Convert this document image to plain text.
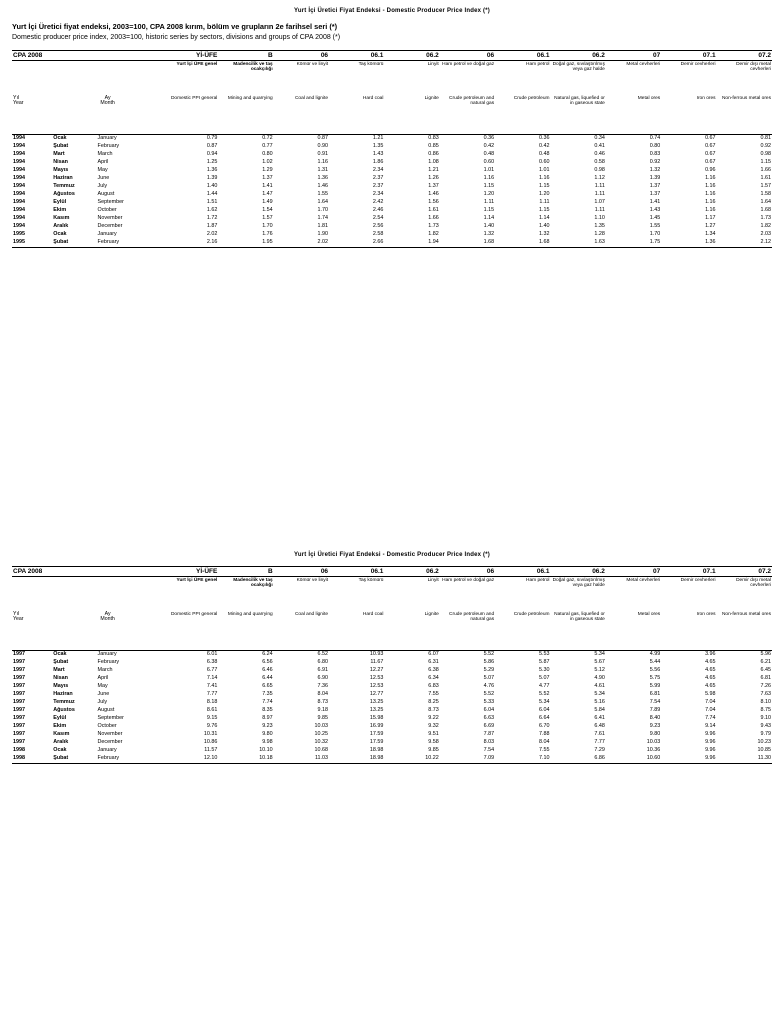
Yurt İçi Üretici Fiyat Endeksi - Domestic Producer Price Index (*)
Yurt İçi Üretici fiyat endeksi, 2003=100, CPA 2008 kırım, bölüm ve grupların 2e farihsel seri (*)
Domestic producer price index, 2003=100, historic series by sectors, divisions and groups of CPA 2008 (*)
CPA 2008			Yİ-ÜFE	B	06	06.1	06.2	06	06.1	06.2	07	07.1	07.2
			Yurt İçi ÜFE genel	Madencilik ve taş ocakçılığı	Kömür ve linyit	Taş kömürü	Linyit	Ham petrol ve doğal gaz	Ham petrol	Doğal gaz, sıvılaştırılmış veya gaz halde	Metal cevherleri	Demir cevherleri	Demir dışı metal cevherleri
Yıl
Year	Ay
Month		Domestic PPI general	Mining and quarrying	Coal and lignite	Hard coal	Lignite	Crude petroleum and natural gas	Crude petroleum	Natural gas, liquefied or in gaseous state	Metal ores	Iron ores	Non-ferrous metal ores

1994	Ocak	January	0.79	0.72	0.87	1.21	0.83	0.36	0.36	0.34	0.74	0.67	0.81
1994	Şubat	February	0.87	0.77	0.90	1.35	0.85	0.42	0.42	0.41	0.80	0.67	0.92
1994	Mart	March	0.94	0.80	0.91	1.43	0.86	0.48	0.48	0.46	0.83	0.67	0.98
1994	Nisan	April	1.25	1.02	1.16	1.86	1.08	0.60	0.60	0.58	0.92	0.67	1.15
1994	Mayıs	May	1.36	1.29	1.31	2.34	1.21	1.01	1.01	0.98	1.32	0.96	1.66
1994	Haziran	June	1.39	1.37	1.36	2.37	1.26	1.16	1.16	1.12	1.39	1.16	1.61
1994	Temmuz	July	1.40	1.41	1.46	2.37	1.37	1.15	1.15	1.11	1.37	1.16	1.57
1994	Ağustos	August	1.44	1.47	1.55	2.34	1.46	1.20	1.20	1.11	1.37	1.16	1.58
1994	Eylül	September	1.51	1.49	1.64	2.42	1.56	1.11	1.11	1.07	1.41	1.16	1.64
1994	Ekim	October	1.62	1.54	1.70	2.46	1.61	1.15	1.15	1.11	1.43	1.16	1.68
1994	Kasım	November	1.72	1.57	1.74	2.54	1.66	1.14	1.14	1.10	1.45	1.17	1.73
1994	Aralık	December	1.87	1.70	1.81	2.56	1.73	1.40	1.40	1.35	1.55	1.27	1.82
1995	Ocak	January	2.02	1.76	1.90	2.58	1.82	1.32	1.32	1.28	1.70	1.34	2.03
1995	Şubat	February	2.16	1.95	2.02	2.66	1.94	1.68	1.68	1.63	1.75	1.36	2.12
Yurt İçi Üretici Fiyat Endeksi - Domestic Producer Price Index (*)
CPA 2008			Yİ-ÜFE	B	06	06.1	06.2	06	06.1	06.2	07	07.1	07.2
			Yurt İçi ÜFE genel	Madencilik ve taş ocakçılığı	Kömür ve linyit	Taş kömürü	Linyit	Ham petrol ve doğal gaz	Ham petrol	Doğal gaz, sıvılaştırılmış veya gaz halde	Metal cevherleri	Demir cevherleri	Demir dışı metal cevherleri
Yıl
Year	Ay
Month		Domestic PPI general	Mining and quarrying	Coal and lignite	Hard coal	Lignite	Crude petroleum and natural gas	Crude petroleum	Natural gas, liquefied or in gaseous state	Metal ores	Iron ores	Non-ferrous metal ores

1997	Ocak	January	6.01	6.24	6.52	10.93	6.07	5.52	5.53	5.34	4.99	3.96	5.96
1997	Şubat	February	6.38	6.56	6.80	11.67	6.31	5.86	5.87	5.67	5.44	4.65	6.21
1997	Mart	March	6.77	6.46	6.91	12.27	6.38	5.29	5.30	5.12	5.56	4.65	6.45
1997	Nisan	April	7.14	6.44	6.90	12.53	6.34	5.07	5.07	4.90	5.75	4.65	6.81
1997	Mayıs	May	7.41	6.65	7.36	12.53	6.83	4.76	4.77	4.61	5.99	4.65	7.26
1997	Haziran	June	7.77	7.35	8.04	12.77	7.55	5.52	5.52	5.34	6.81	5.98	7.63
1997	Temmuz	July	8.18	7.74	8.73	13.25	8.25	5.33	5.34	5.16	7.54	7.04	8.10
1997	Ağustos	August	8.61	8.35	9.18	13.25	8.73	6.04	6.04	5.84	7.89	7.04	8.75
1997	Eylül	September	9.15	8.97	9.85	15.98	9.22	6.63	6.64	6.41	8.40	7.74	9.10
1997	Ekim	October	9.76	9.23	10.03	16.99	9.32	6.69	6.70	6.48	9.23	9.14	9.43
1997	Kasım	November	10.31	9.80	10.25	17.59	9.51	7.87	7.88	7.61	9.80	9.96	9.79
1997	Aralık	December	10.86	9.98	10.32	17.59	9.58	8.03	8.04	7.77	10.03	9.96	10.23
1998	Ocak	January	11.57	10.10	10.68	18.98	9.85	7.54	7.55	7.29	10.36	9.96	10.85
1998	Şubat	February	12.10	10.18	11.03	18.98	10.22	7.09	7.10	6.86	10.60	9.96	11.30
